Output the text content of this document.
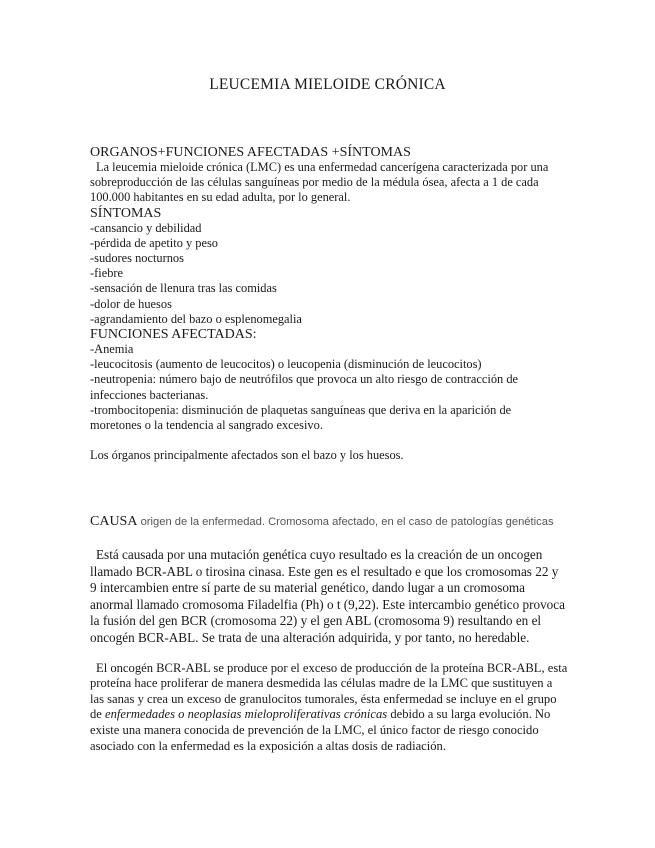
LEUCEMIA MIELOIDE CRÓNICA
ORGANOS+FUNCIONES AFECTADAS +SÍNTOMAS

La leucemia mieloide crónica (LMC) es una enfermedad cancerígena caracterizada por una sobreproducción de las células sanguíneas por medio de la médula ósea, afecta a 1 de cada 100.000 habitantes en su edad adulta, por lo general.

SÍNTOMAS
-cansancio y debilidad
-pérdida de apetito y peso
-sudores nocturnos
-fiebre
-sensación de llenura tras las comidas
-dolor de huesos
-agrandamiento del bazo o esplenomegalia
FUNCIONES AFECTADAS:
-Anemia
-leucocitosis (aumento de leucocitos) o leucopenia (disminución de leucocitos)
-neutropenia: número bajo de neutrófilos que provoca un alto riesgo de contracción de infecciones bacterianas.
-trombocitopenia: disminución de plaquetas sanguíneas que deriva en la aparición de moretones o la tendencia al sangrado excesivo.

Los órganos principalmente afectados son el bazo y los huesos.

CAUSA origen de la enfermedad. Cromosoma afectado, en el caso de patologías genéticas

Está causada por una mutación genética cuyo resultado es la creación de un oncogen llamado BCR-ABL o tirosina cinasa. Este gen es el resultado e que los cromosomas 22 y 9 intercambien entre sí parte de su material genético, dando lugar a un cromosoma anormal llamado cromosoma Filadelfia (Ph) o t (9,22). Este intercambio genético provoca la fusión del gen BCR (cromosoma 22) y el gen ABL (cromosoma 9) resultando en el oncogén BCR-ABL. Se trata de una alteración adquirida, y por tanto, no heredable.

El oncogén BCR-ABL se produce por el exceso de producción de la proteína BCR-ABL, esta proteína hace proliferar de manera desmedida las células madre de la LMC que sustituyen a las sanas y crea un exceso de granulocitos tumorales, ésta enfermedad se incluye en el grupo de enfermedades o neoplasias mieloproliferativas crónicas debido a su larga evolución. No existe una manera conocida de prevención de la LMC, el único factor de riesgo conocido asociado con la enfermedad es la exposición a altas dosis de radiación.
